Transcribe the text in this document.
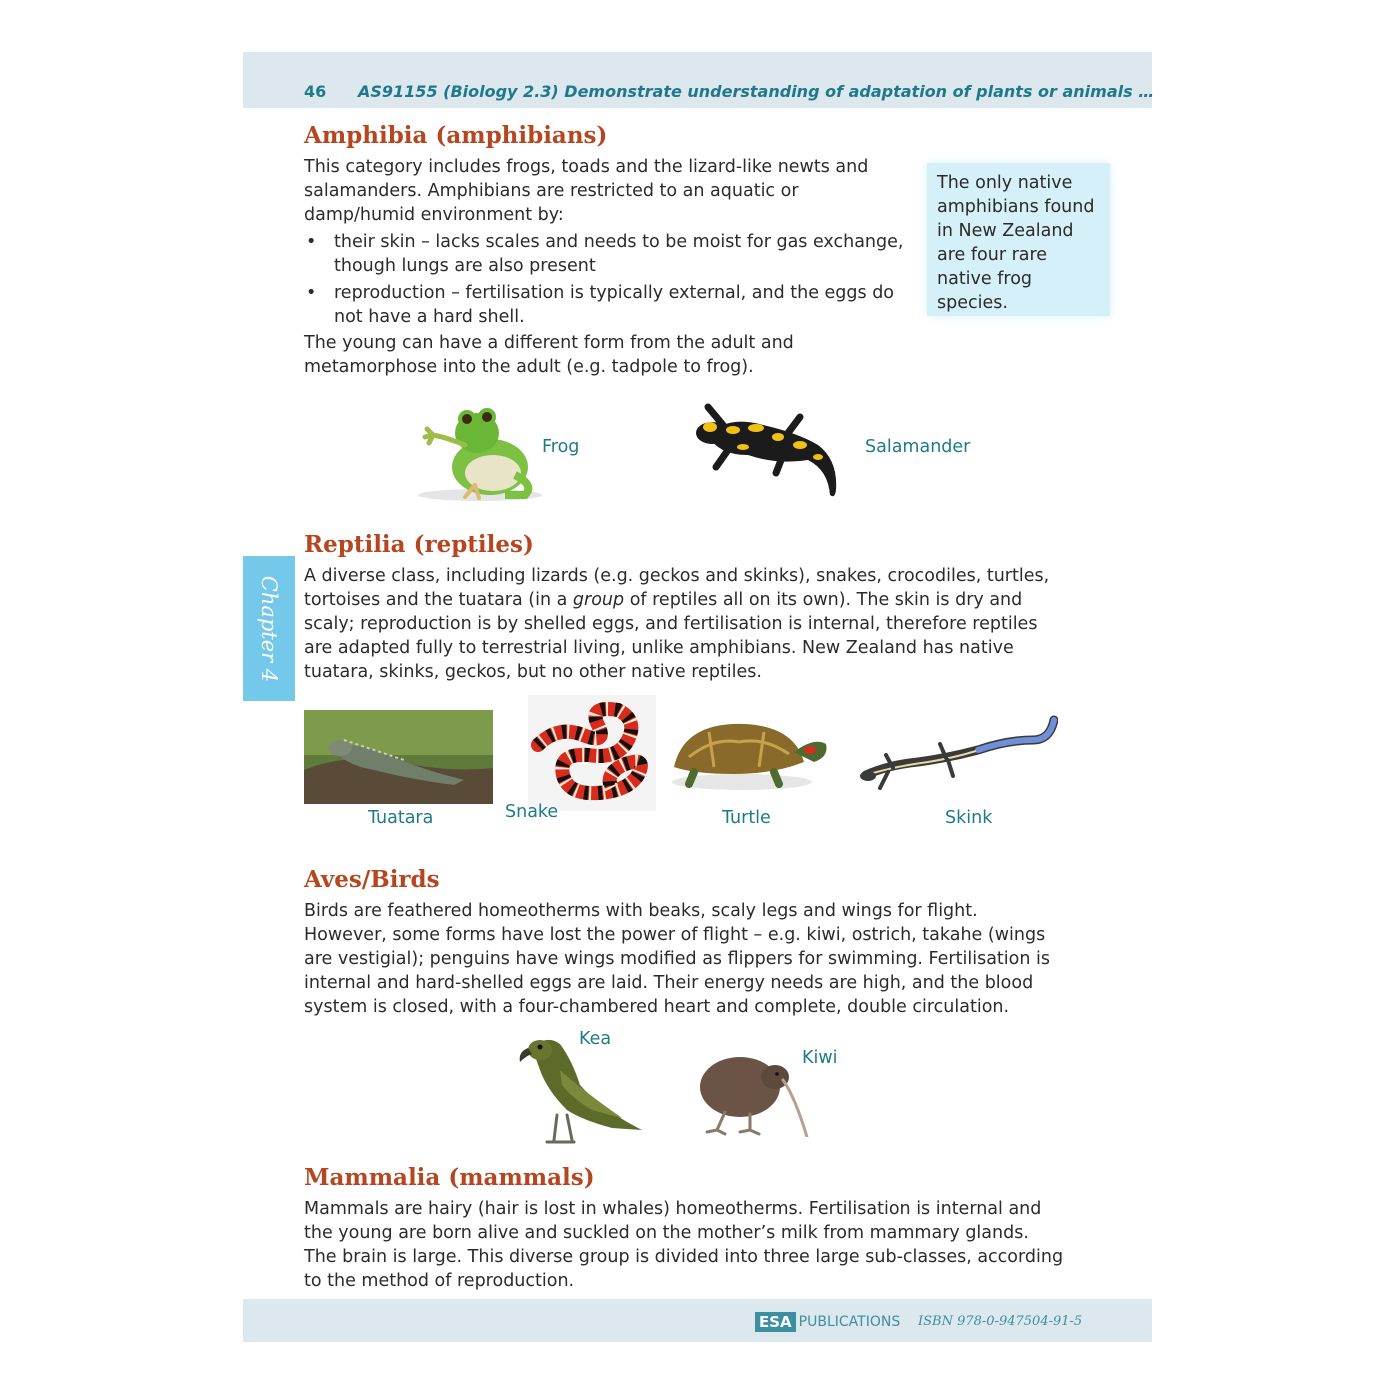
46 AS91155 (Biology 2.3) Demonstrate understanding of adaptation of plants or animals …
Amphibia (amphibians)

This category includes frogs, toads and the lizard-like newts and salamanders. Amphibians are restricted to an aquatic or damp/humid environment by:

• their skin – lacks scales and needs to be moist for gas exchange, though lungs are also present
• reproduction – fertilisation is typically external, and the eggs do not have a hard shell.

The young can have a different form from the adult and metamorphose into the adult (e.g. tadpole to frog).

The only native amphibians found in New Zealand are four rare native frog species.
Frog	Salamander
Chapter 4
Reptilia (reptiles)

A diverse class, including lizards (e.g. geckos and skinks), snakes, crocodiles, turtles, tortoises and the tuatara (in a group of reptiles all on its own). The skin is dry and scaly; reproduction is by shelled eggs, and fertilisation is internal, therefore reptiles are adapted fully to terrestrial living, unlike amphibians. New Zealand has native tuatara, skinks, geckos, but no other native reptiles.

Tuatara	Snake	Turtle	Skink
Aves/Birds

Birds are feathered homeotherms with beaks, scaly legs and wings for flight. However, some forms have lost the power of flight – e.g. kiwi, ostrich, takahe (wings are vestigial); penguins have wings modified as flippers for swimming. Fertilisation is internal and hard-shelled eggs are laid. Their energy needs are high, and the blood system is closed, with a four-chambered heart and complete, double circulation.

Kea
Kiwi
Mammalia (mammals)

Mammals are hairy (hair is lost in whales) homeotherms. Fertilisation is internal and the young are born alive and suckled on the mother’s milk from mammary glands. The brain is large. This diverse group is divided into three large sub-classes, according to the method of reproduction.

ESA PUBLICATIONS ISBN 978-0-947504-91-5
